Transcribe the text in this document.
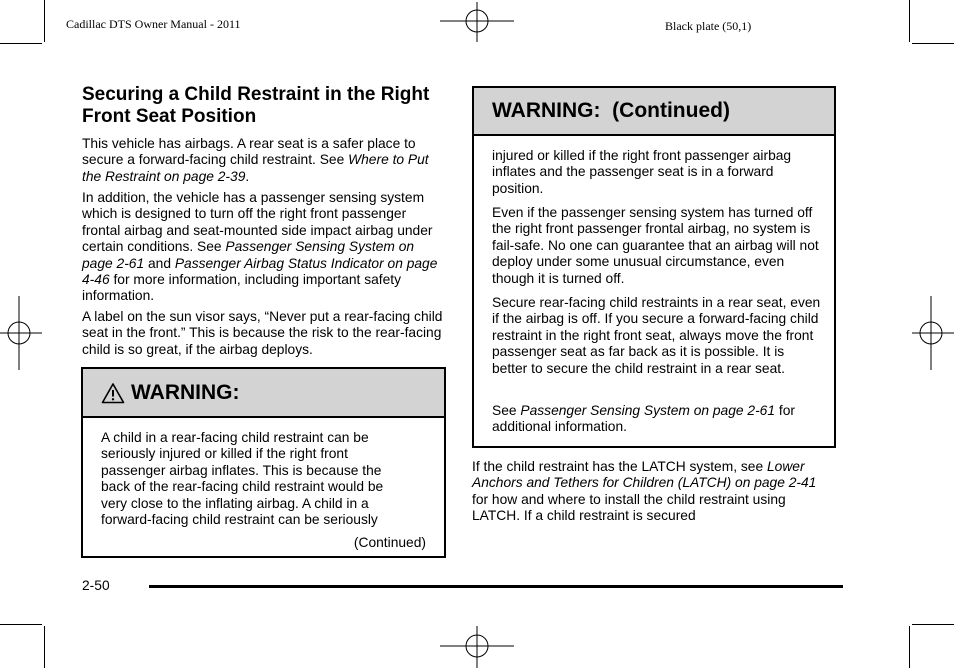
Cadillac DTS Owner Manual - 2011	Black plate (50,1)
Securing a Child Restraint in the Right Front Seat Position

This vehicle has airbags. A rear seat is a safer place to secure a forward-facing child restraint. See Where to Put the Restraint on page 2-39.

In addition, the vehicle has a passenger sensing system which is designed to turn off the right front passenger frontal airbag and seat-mounted side impact airbag under certain conditions. See Passenger Sensing System on page 2-61 and Passenger Airbag Status Indicator on page 4-46 for more information, including important safety information.

A label on the sun visor says, “Never put a rear-facing child seat in the front.” This is because the risk to the rear-facing child is so great, if the airbag deploys.

WARNING:

A child in a rear-facing child restraint can be seriously injured or killed if the right front passenger airbag inflates. This is because the back of the rear-facing child restraint would be very close to the inflating airbag. A child in a forward-facing child restraint can be seriously

(Continued)
WARNING:  (Continued)

injured or killed if the right front passenger airbag inflates and the passenger seat is in a forward position.

Even if the passenger sensing system has turned off the right front passenger frontal airbag, no system is fail-safe. No one can guarantee that an airbag will not deploy under some unusual circumstance, even though it is turned off.

Secure rear-facing child restraints in a rear seat, even if the airbag is off. If you secure a forward-facing child restraint in the right front seat, always move the front passenger seat as far back as it is possible. It is better to secure the child restraint in a rear seat.

See Passenger Sensing System on page 2-61 for additional information.

If the child restraint has the LATCH system, see Lower Anchors and Tethers for Children (LATCH) on page 2-41 for how and where to install the child restraint using LATCH. If a child restraint is secured

2-50
